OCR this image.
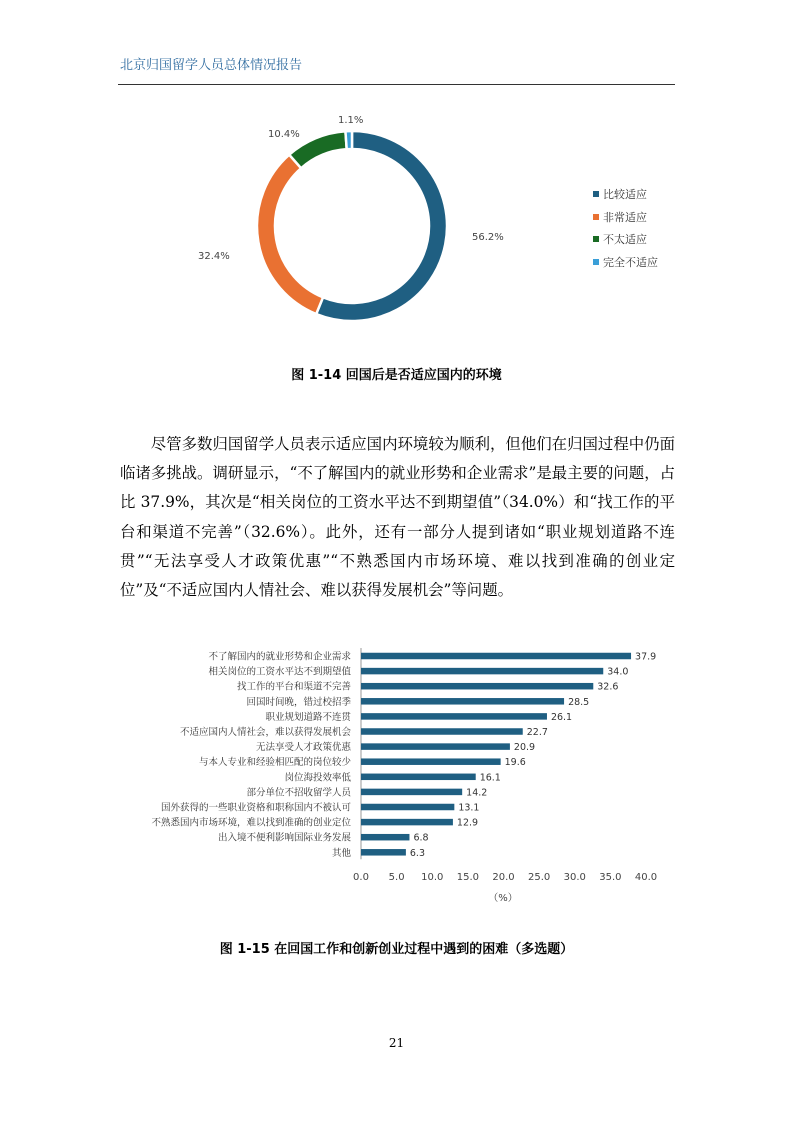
北京归国留学人员总体情况报告
56.2%
32.4%
10.4%
1.1%
比较适应
非常适应
不太适应
完全不适应
图 1-14 回国后是否适应国内的环境

尽管多数归国留学人员表示适应国内环境较为顺利，但他们在归国过程中仍面临诸多挑战。调研显示，“不了解国内的就业形势和企业需求”是最主要的问题，占比 37.9%，其次是“相关岗位的工资水平达不到期望值”（34.0%）和“找工作的平台和渠道不完善”（32.6%）。此外，还有一部分人提到诸如“职业规划道路不连贯”“无法享受人才政策优惠”“不熟悉国内市场环境、难以找到准确的创业定位”及“不适应国内人情社会、难以获得发展机会”等问题。

不了解国内的就业形势和企业需求	37.9
相关岗位的工资水平达不到期望值	34.0
找工作的平台和渠道不完善	32.6
回国时间晚，错过校招季	28.5
职业规划道路不连贯	26.1
不适应国内人情社会，难以获得发展机会	22.7
无法享受人才政策优惠	20.9
与本人专业和经验相匹配的岗位较少	19.6
岗位海投效率低	16.1
部分单位不招收留学人员	14.2
国外获得的一些职业资格和职称国内不被认可	13.1
不熟悉国内市场环境，难以找到准确的创业定位	12.9
出入境不便利影响国际业务发展	6.8
其他	6.3
0.0 5.0 10.0 15.0 20.0 25.0 30.0 35.0 40.0
（%）
图 1-15 在回国工作和创新创业过程中遇到的困难（多选题）
21
